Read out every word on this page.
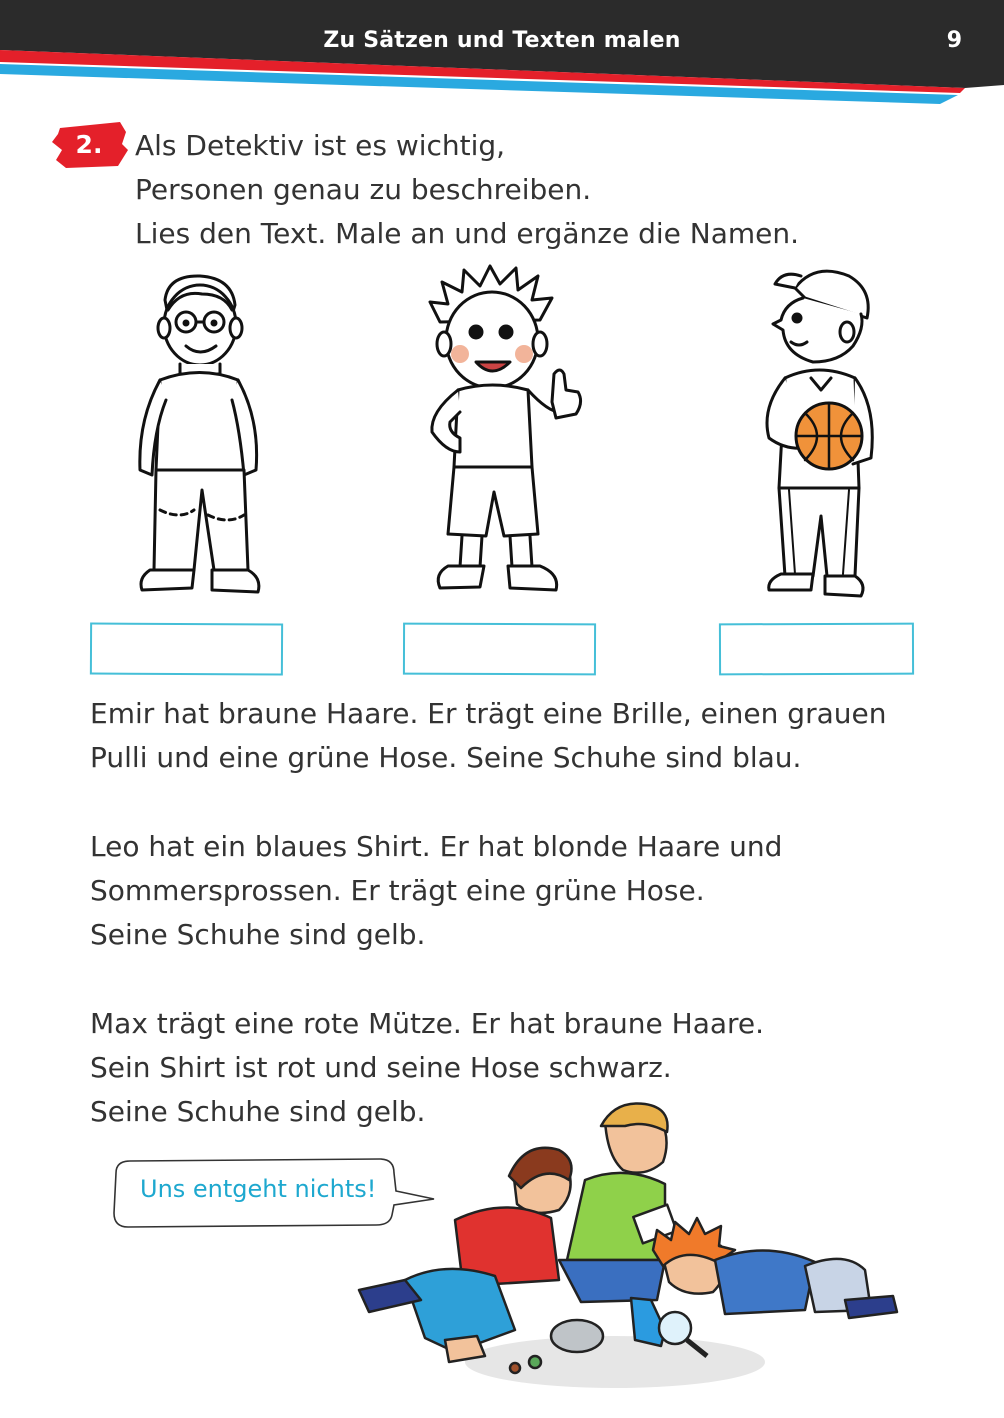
Zu Sätzen und Texten malen	9
2.	Als Detektiv ist es wichtig,
Personen genau zu beschreiben.
Lies den Text. Male an und ergänze die Namen.
Emir hat braune Haare. Er trägt eine Brille, einen grauen
Pulli und eine grüne Hose. Seine Schuhe sind blau.
Leo hat ein blaues Shirt. Er hat blonde Haare und
Sommersprossen. Er trägt eine grüne Hose.
Seine Schuhe sind gelb.
Max trägt eine rote Mütze. Er hat braune Haare.
Sein Shirt ist rot und seine Hose schwarz.
Seine Schuhe sind gelb.
Uns entgeht nichts!
